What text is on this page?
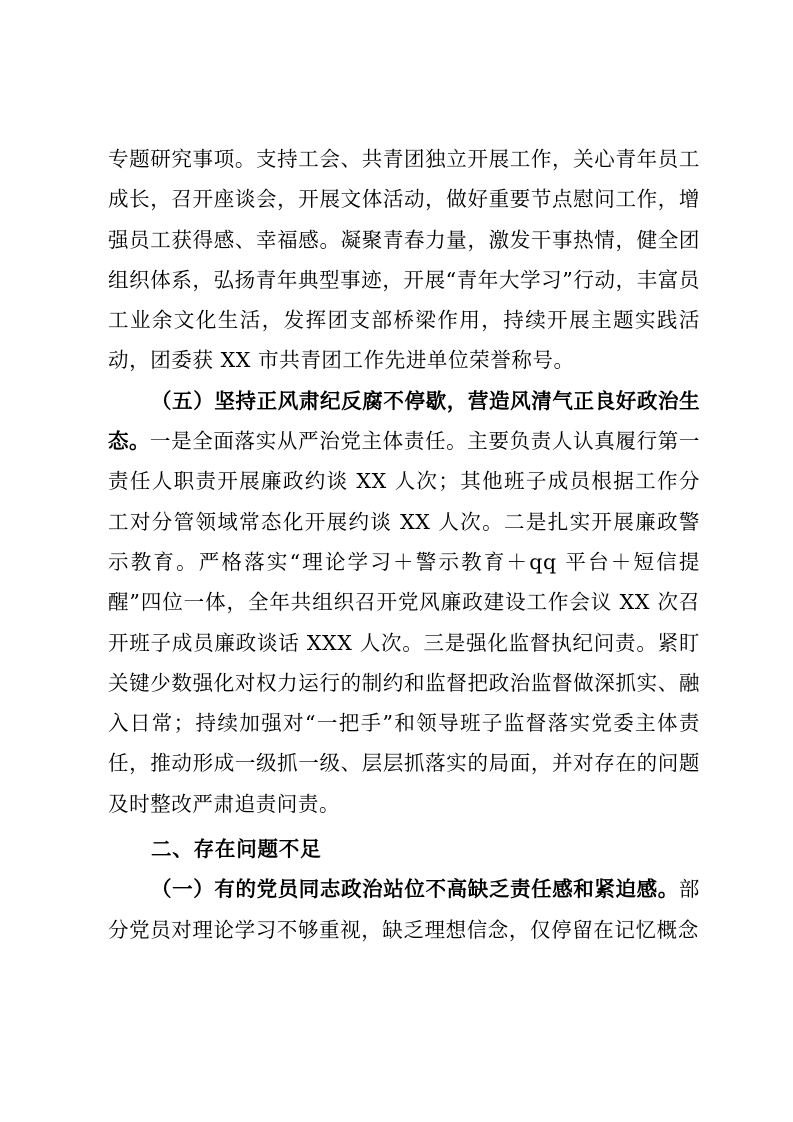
专题研究事项。支持工会、共青团独立开展工作，关心青年员工成长，召开座谈会，开展文体活动，做好重要节点慰问工作，增强员工获得感、幸福感。凝聚青春力量，激发干事热情，健全团组织体系，弘扬青年典型事迹，开展“青年大学习”行动，丰富员工业余文化生活，发挥团支部桥梁作用，持续开展主题实践活动，团委获 XX 市共青团工作先进单位荣誉称号。

（五）坚持正风肃纪反腐不停歇，营造风清气正良好政治生态。一是全面落实从严治党主体责任。主要负责人认真履行第一责任人职责开展廉政约谈 XX 人次；其他班子成员根据工作分工对分管领域常态化开展约谈 XX 人次。二是扎实开展廉政警示教育。严格落实“理论学习＋警示教育＋qq 平台＋短信提醒”四位一体，全年共组织召开党风廉政建设工作会议 XX 次召开班子成员廉政谈话 XXX 人次。三是强化监督执纪问责。紧盯关键少数强化对权力运行的制约和监督把政治监督做深抓实、融入日常；持续加强对“一把手”和领导班子监督落实党委主体责任，推动形成一级抓一级、层层抓落实的局面，并对存在的问题及时整改严肃追责问责。

二、存在问题不足

（一）有的党员同志政治站位不高缺乏责任感和紧迫感。部分党员对理论学习不够重视，缺乏理想信念，仅停留在记忆概念
